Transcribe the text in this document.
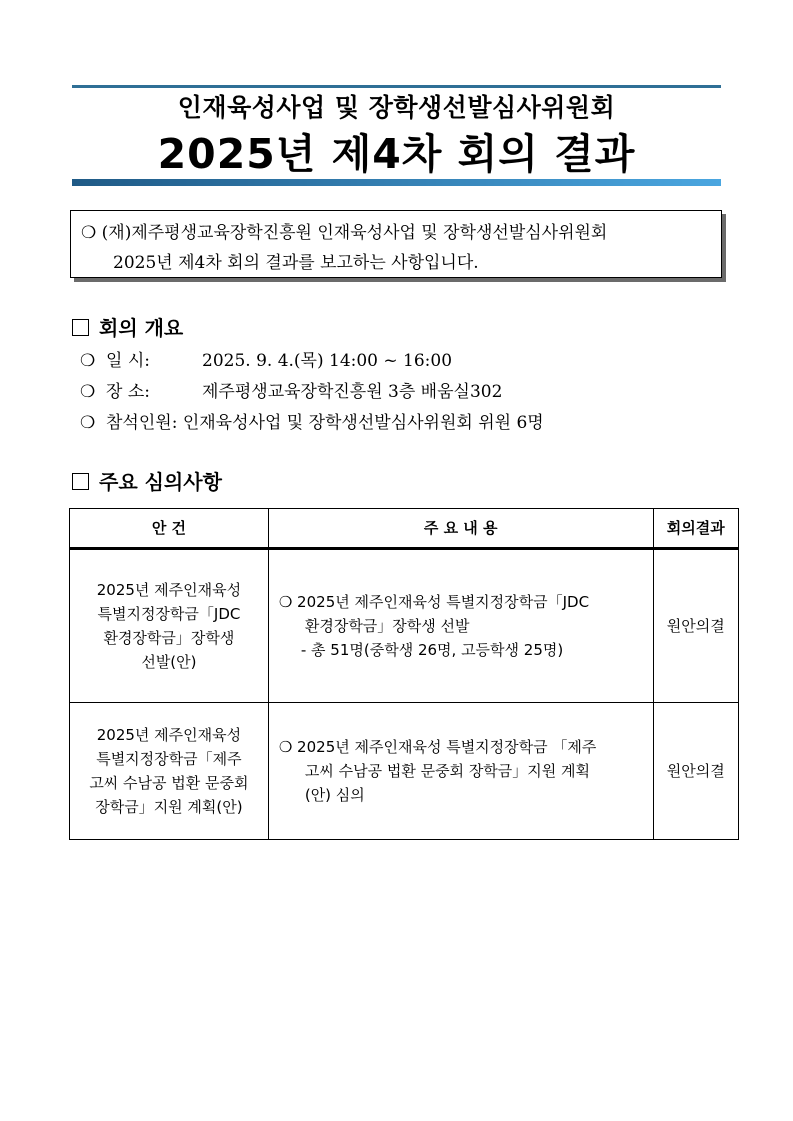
인재육성사업 및 장학생선발심사위원회
2025년 제4차 회의 결과
❍ (재)제주평생교육장학진흥원 인재육성사업 및 장학생선발심사위원회
2025년 제4차 회의 결과를 보고하는 사항입니다.
회의 개요
❍ 일 시:	2025. 9. 4.(목) 14:00 ~ 16:00
❍ 장 소:	제주평생교육장학진흥원 3층 배움실302
❍ 참석인원: 인재육성사업 및 장학생선발심사위원회 위원 6명
주요 심의사항
안 건	주 요 내 용	회의결과

2025년 제주인재육성
특별지정장학금「JDC
환경장학금」장학생
선발(안)	❍ 2025년 제주인재육성 특별지정장학금「JDC
환경장학금」장학생 선발
- 총 51명(중학생 26명, 고등학생 25명)	원안의결

2025년 제주인재육성
특별지정장학금「제주
고씨 수남공 법환 문중회
장학금」지원 계획(안)	❍ 2025년 제주인재육성 특별지정장학금 「제주
고씨 수남공 법환 문중회 장학금」지원 계획
(안) 심의	원안의결
